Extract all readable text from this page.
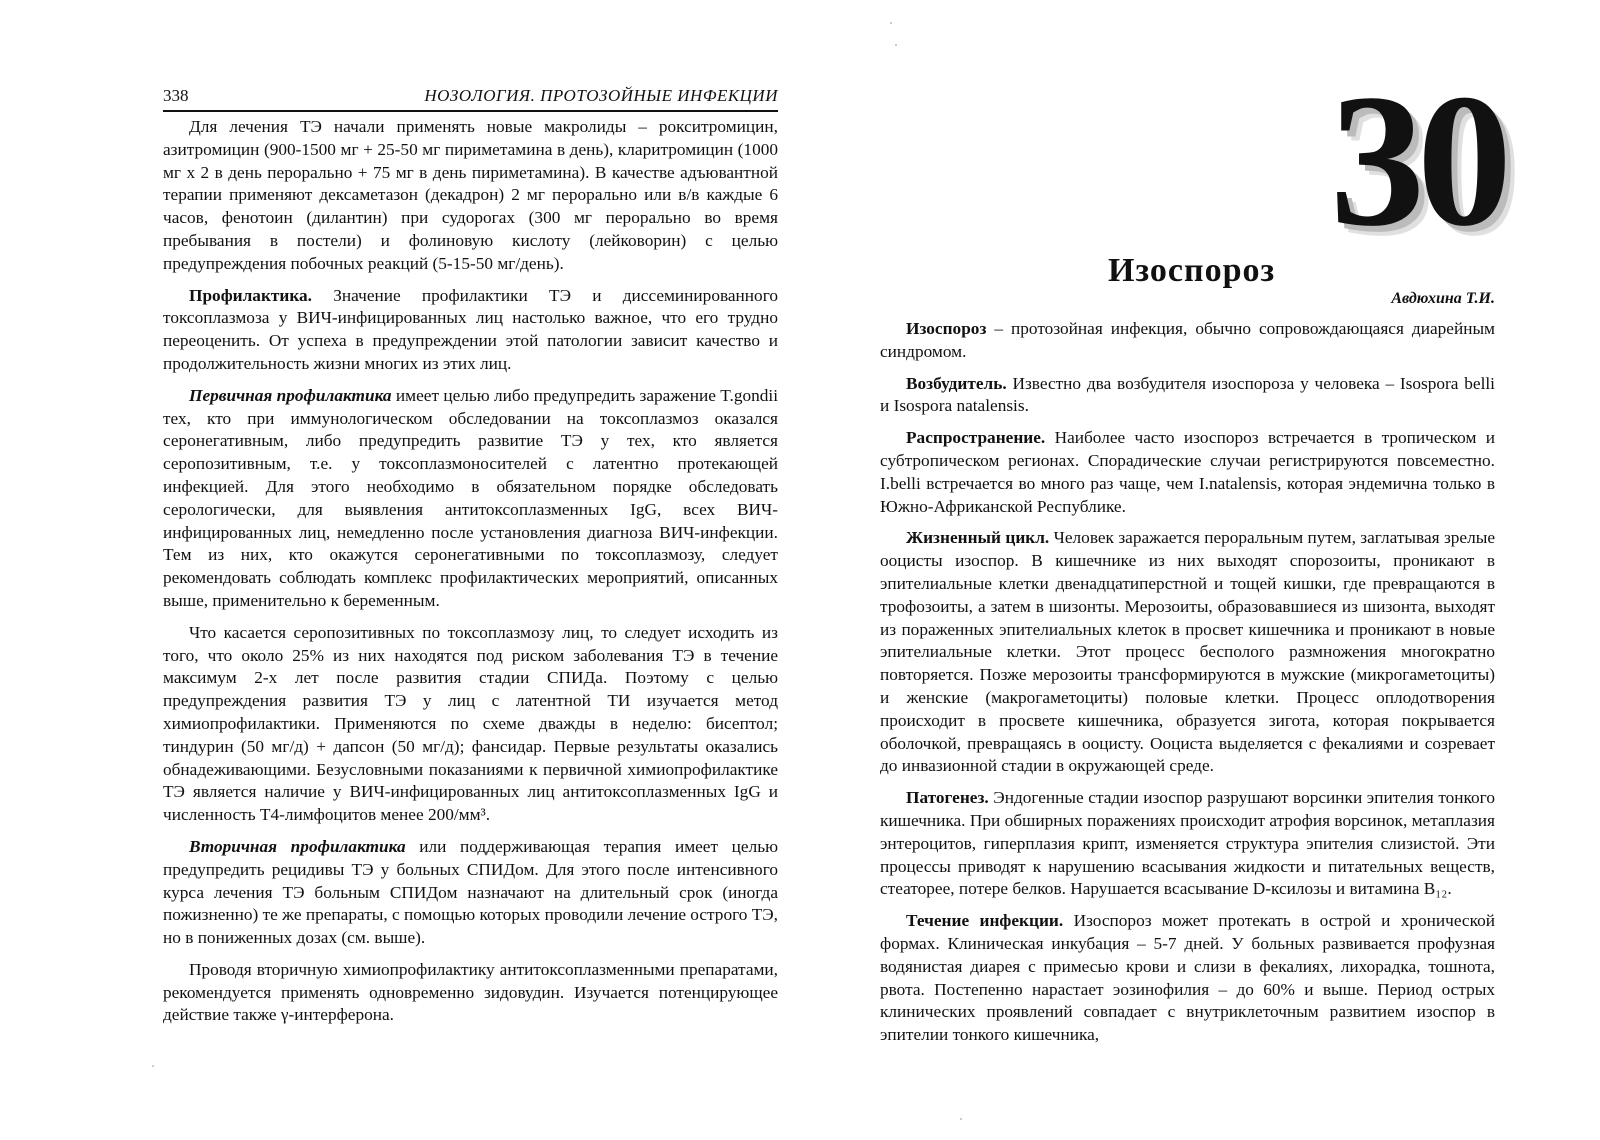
338	НОЗОЛОГИЯ. ПРОТОЗОЙНЫЕ ИНФЕКЦИИ

Для лечения ТЭ начали применять новые макролиды – рокситромицин, азитромицин (900-1500 мг + 25-50 мг пириметамина в день), кларитромицин (1000 мг х 2 в день перорально + 75 мг в день пириметамина). В качестве адъювантной терапии применяют дексаметазон (декадрон) 2 мг перорально или в/в каждые 6 часов, фенотоин (дилантин) при судорогах (300 мг перорально во время пребывания в постели) и фолиновую кислоту (лейковорин) с целью предупреждения побочных реакций (5-15-50 мг/день).

Профилактика. Значение профилактики ТЭ и диссеминированного токсоплазмоза у ВИЧ-инфицированных лиц настолько важное, что его трудно переоценить. От успеха в предупреждении этой патологии зависит качество и продолжительность жизни многих из этих лиц.

Первичная профилактика имеет целью либо предупредить заражение T.gondii тех, кто при иммунологическом обследовании на токсоплазмоз оказался серонегативным, либо предупредить развитие ТЭ у тех, кто является серопозитивным, т.е. у токсоплазмоносителей с латентно протекающей инфекцией. Для этого необходимо в обязательном порядке обследовать серологически, для выявления антитоксоплазменных IgG, всех ВИЧ-инфицированных лиц, немедленно после установления диагноза ВИЧ-инфекции. Тем из них, кто окажутся серонегативными по токсоплазмозу, следует рекомендовать соблюдать комплекс профилактических мероприятий, описанных выше, применительно к беременным.

Что касается серопозитивных по токсоплазмозу лиц, то следует исходить из того, что около 25% из них находятся под риском заболевания ТЭ в течение максимум 2-х лет после развития стадии СПИДа. Поэтому с целью предупреждения развития ТЭ у лиц с латентной ТИ изучается метод химиопрофилактики. Применяются по схеме дважды в неделю: бисептол; тиндурин (50 мг/д) + дапсон (50 мг/д); фансидар. Первые результаты оказались обнадеживающими. Безусловными показаниями к первичной химиопрофилактике ТЭ является наличие у ВИЧ-инфицированных лиц антитоксоплазменных IgG и численность Т4-лимфоцитов менее 200/мм³.

Вторичная профилактика или поддерживающая терапия имеет целью предупредить рецидивы ТЭ у больных СПИДом. Для этого после интенсивного курса лечения ТЭ больным СПИДом назначают на длительный срок (иногда пожизненно) те же препараты, с помощью которых проводили лечение острого ТЭ, но в пониженных дозах (см. выше).

Проводя вторичную химиопрофилактику антитоксоплазменными препаратами, рекомендуется применять одновременно зидовудин. Изучается потенцирующее действие также γ-интерферона.

30
Изоспороз
Авдюхина Т.И.

Изоспороз – протозойная инфекция, обычно сопровождающаяся диарейным синдромом.

Возбудитель. Известно два возбудителя изоспороза у человека – Isospora belli и Isospora natalensis.

Распространение. Наиболее часто изоспороз встречается в тропическом и субтропическом регионах. Спорадические случаи регистрируются повсеместно. I.belli встречается во много раз чаще, чем I.natalensis, которая эндемична только в Южно-Африканской Республике.

Жизненный цикл. Человек заражается пероральным путем, заглатывая зрелые ооцисты изоспор. В кишечнике из них выходят спорозоиты, проникают в эпителиальные клетки двенадцатиперстной и тощей кишки, где превращаются в трофозоиты, а затем в шизонты. Мерозоиты, образовавшиеся из шизонта, выходят из пораженных эпителиальных клеток в просвет кишечника и проникают в новые эпителиальные клетки. Этот процесс бесполого размножения многократно повторяется. Позже мерозоиты трансформируются в мужские (микрогаметоциты) и женские (макрогаметоциты) половые клетки. Процесс оплодотворения происходит в просвете кишечника, образуется зигота, которая покрывается оболочкой, превращаясь в ооцисту. Ооциста выделяется с фекалиями и созревает до инвазионной стадии в окружающей среде.

Патогенез. Эндогенные стадии изоспор разрушают ворсинки эпителия тонкого кишечника. При обширных поражениях происходит атрофия ворсинок, метаплазия энтероцитов, гиперплазия крипт, изменяется структура эпителия слизистой. Эти процессы приводят к нарушению всасывания жидкости и питательных веществ, стеаторее, потере белков. Нарушается всасывание D-ксилозы и витамина B₁₂.

Течение инфекции. Изоспороз может протекать в острой и хронической формах. Клиническая инкубация – 5-7 дней. У больных развивается профузная водянистая диарея с примесью крови и слизи в фекалиях, лихорадка, тошнота, рвота. Постепенно нарастает эозинофилия – до 60% и выше. Период острых клинических проявлений совпадает с внутриклеточным развитием изоспор в эпителии тонкого кишечника,
